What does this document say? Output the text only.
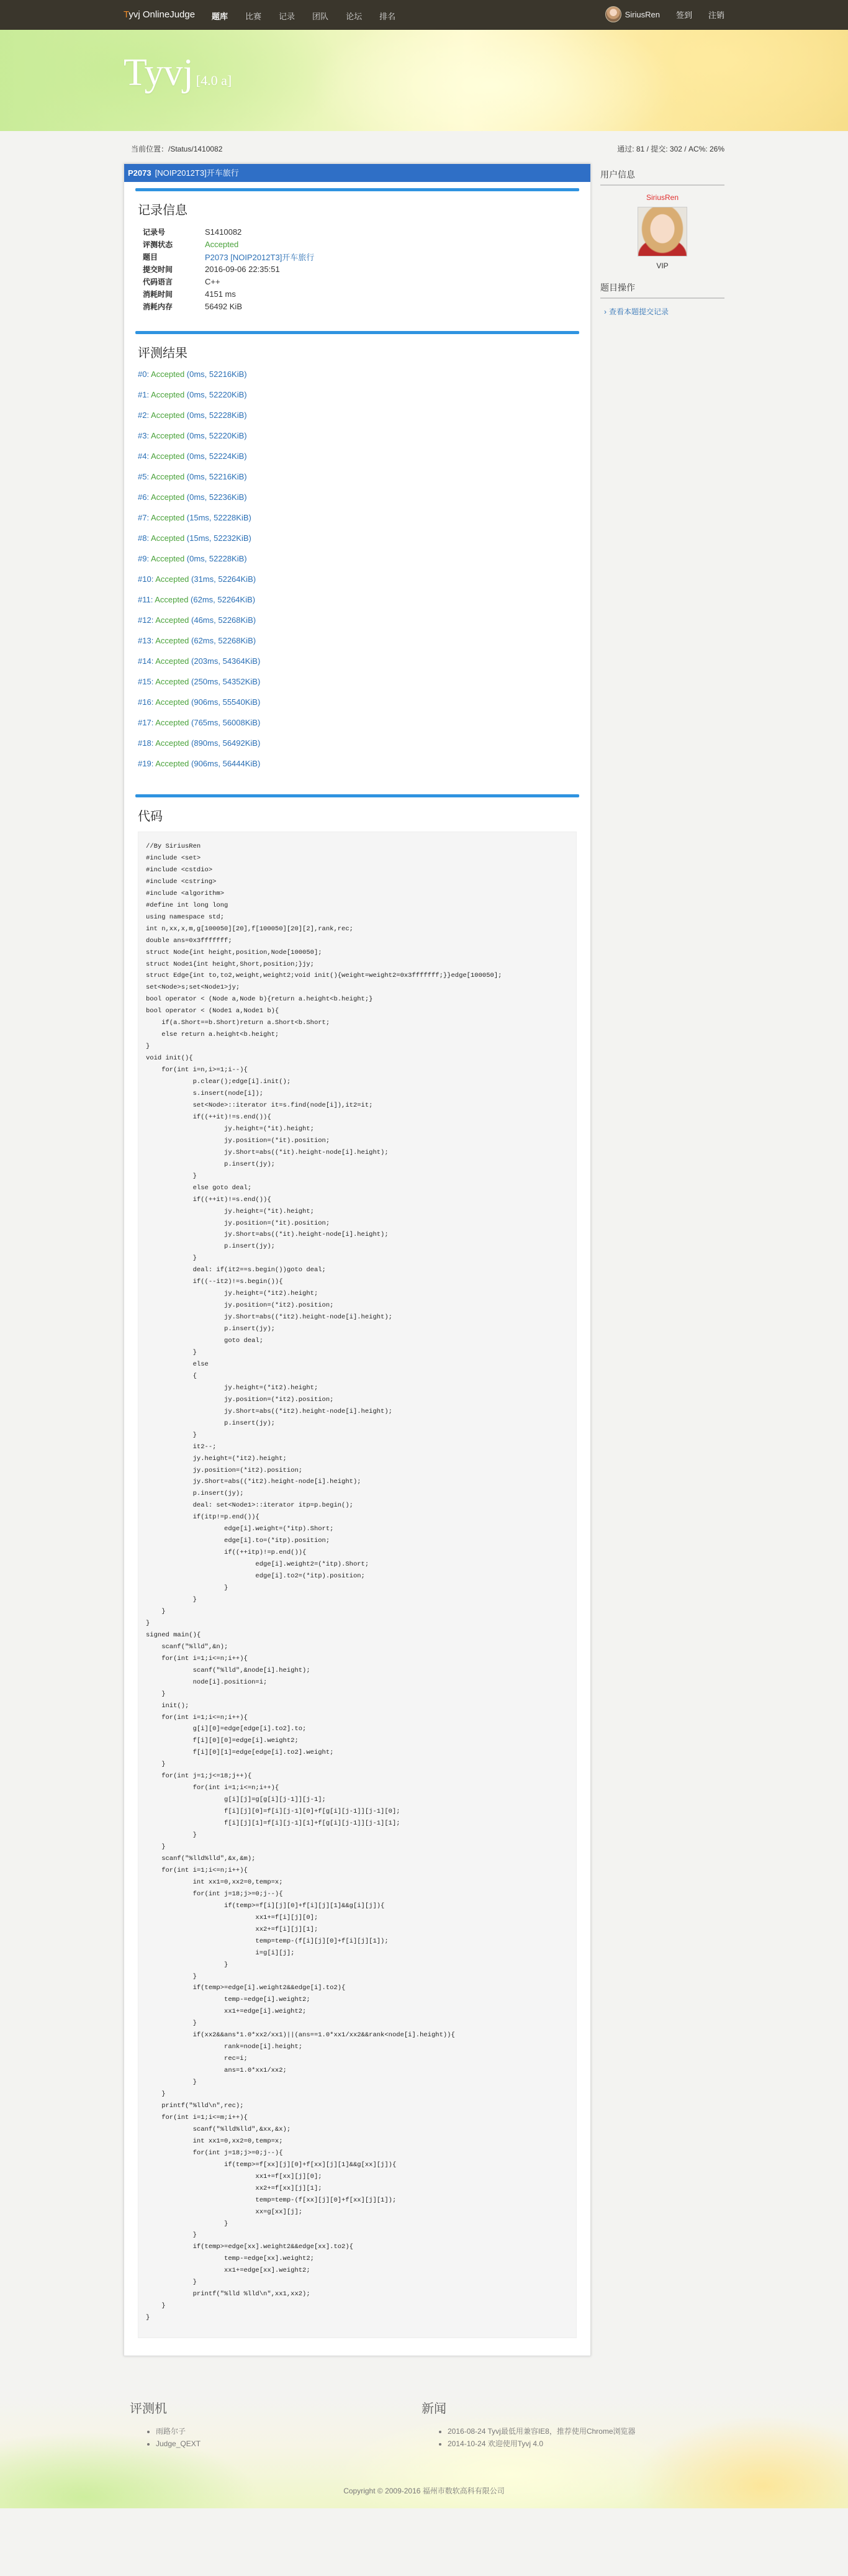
Tyvj OnlineJudge 题库 比赛 记录 团队 论坛 排名	SiriusRen 签到 注销
Tyvj [4.0 a]
当前位置：/Status/1410082	通过: 81 / 提交: 302 / AC%: 26%
P2073 [NOIP2012T3]开车旅行
记录信息
记录号	S1410082
评测状态	Accepted
题目	P2073 [NOIP2012T3]开车旅行
提交时间	2016-09-06 22:35:51
代码语言	C++
消耗时间	4151 ms
消耗内存	56492 KiB
评测结果
#0: Accepted (0ms, 52216KiB)
#1: Accepted (0ms, 52220KiB)
#2: Accepted (0ms, 52228KiB)
#3: Accepted (0ms, 52220KiB)
#4: Accepted (0ms, 52224KiB)
#5: Accepted (0ms, 52216KiB)
#6: Accepted (0ms, 52236KiB)
#7: Accepted (15ms, 52228KiB)
#8: Accepted (15ms, 52232KiB)
#9: Accepted (0ms, 52228KiB)
#10: Accepted (31ms, 52264KiB)
#11: Accepted (62ms, 52264KiB)
#12: Accepted (46ms, 52268KiB)
#13: Accepted (62ms, 52268KiB)
#14: Accepted (203ms, 54364KiB)
#15: Accepted (250ms, 54352KiB)
#16: Accepted (906ms, 55540KiB)
#17: Accepted (765ms, 56008KiB)
#18: Accepted (890ms, 56492KiB)
#19: Accepted (906ms, 56444KiB)
代码
//By SiriusRen
#include <set>
#include <cstdio>
#include <cstring>
#include <algorithm>
#define int long long
using namespace std;
int n,xx,x,m,g[100050][20],f[100050][20][2],rank,rec;
double ans=0x3fffffff;
struct Node{int height,position,Node[100050];
struct Node1{int height,Short,position;}jy;
struct Edge{int to,to2,weight,weight2;void init(){weight=weight2=0x3fffffff;}}edge[100050];
set<Node>s;set<Node1>jy;
bool operator < (Node a,Node b){return a.height<b.height;}
bool operator < (Node1 a,Node1 b){
if(a.Short==b.Short)return a.Short<b.Short;
else return a.height<b.height;
}
void init(){
for(int i=n,i>=1;i--){
p.clear();edge[i].init();
s.insert(node[i]);
set<Node>::iterator it=s.find(node[i]),it2=it;
if((++it)!=s.end()){
jy.height=(*it).height;
jy.position=(*it).position;
jy.Short=abs((*it).height-node[i].height);
p.insert(jy);
}
else goto deal;
if((++it)!=s.end()){
jy.height=(*it).height;
jy.position=(*it).position;
jy.Short=abs((*it).height-node[i].height);
p.insert(jy);
}
deal: if(it2==s.begin())goto deal;
if((--it2)!=s.begin()){
jy.height=(*it2).height;
jy.position=(*it2).position;
jy.Short=abs((*it2).height-node[i].height);
p.insert(jy);
goto deal;
}
else
{
jy.height=(*it2).height;
jy.position=(*it2).position;
jy.Short=abs((*it2).height-node[i].height);
p.insert(jy);
}
it2--;
jy.height=(*it2).height;
jy.position=(*it2).position;
jy.Short=abs((*it2).height-node[i].height);
p.insert(jy);
deal: set<Node1>::iterator itp=p.begin();
if(itp!=p.end()){
edge[i].weight=(*itp).Short;
edge[i].to=(*itp).position;
if((++itp)!=p.end()){
edge[i].weight2=(*itp).Short;
edge[i].to2=(*itp).position;
}
}
}
}
signed main(){
scanf("%lld",&n);
for(int i=1;i<=n;i++){
scanf("%lld",&node[i].height);
node[i].position=i;
}
init();
for(int i=1;i<=n;i++){
g[i][0]=edge[edge[i].to2].to;
f[i][0][0]=edge[i].weight2;
f[i][0][1]=edge[edge[i].to2].weight;
}
for(int j=1;j<=18;j++){
for(int i=1;i<=n;i++){
g[i][j]=g[g[i][j-1]][j-1];
f[i][j][0]=f[i][j-1][0]+f[g[i][j-1]][j-1][0];
f[i][j][1]=f[i][j-1][1]+f[g[i][j-1]][j-1][1];
}
}
scanf("%lld%lld",&x,&m);
for(int i=1;i<=n;i++){
int xx1=0,xx2=0,temp=x;
for(int j=18;j>=0;j--){
if(temp>=f[i][j][0]+f[i][j][1]&&g[i][j]){
xx1+=f[i][j][0];
xx2+=f[i][j][1];
temp=temp-(f[i][j][0]+f[i][j][1]);
i=g[i][j];
}
}
if(temp>=edge[i].weight2&&edge[i].to2){
temp-=edge[i].weight2;
xx1+=edge[i].weight2;
}
if(xx2&&ans*1.0*xx2/xx1)||(ans==1.0*xx1/xx2&&rank<node[i].height)){
rank=node[i].height;
rec=i;
ans=1.0*xx1/xx2;
}
}
printf("%lld\n",rec);
for(int i=1;i<=m;i++){
scanf("%lld%lld",&xx,&x);
int xx1=0,xx2=0,temp=x;
for(int j=18;j>=0;j--){
if(temp>=f[xx][j][0]+f[xx][j][1]&&g[xx][j]){
xx1+=f[xx][j][0];
xx2+=f[xx][j][1];
temp=temp-(f[xx][j][0]+f[xx][j][1]);
xx=g[xx][j];
}
}
if(temp>=edge[xx].weight2&&edge[xx].to2){
temp-=edge[xx].weight2;
xx1+=edge[xx].weight2;
}
printf("%lld %lld\n",xx1,xx2);
}
}
用户信息
SiriusRen
VIP
题目操作
› 查看本题提交记录
评测机
• 雨路尔子
• Judge_QEXT
新闻
• 2016-08-24 Tyvj最低用兼容IE8，推荐使用Chrome浏览器
• 2014-10-24 欢迎使用Tyvj 4.0
Copyright © 2009-2016 福州市数软高科有限公司
